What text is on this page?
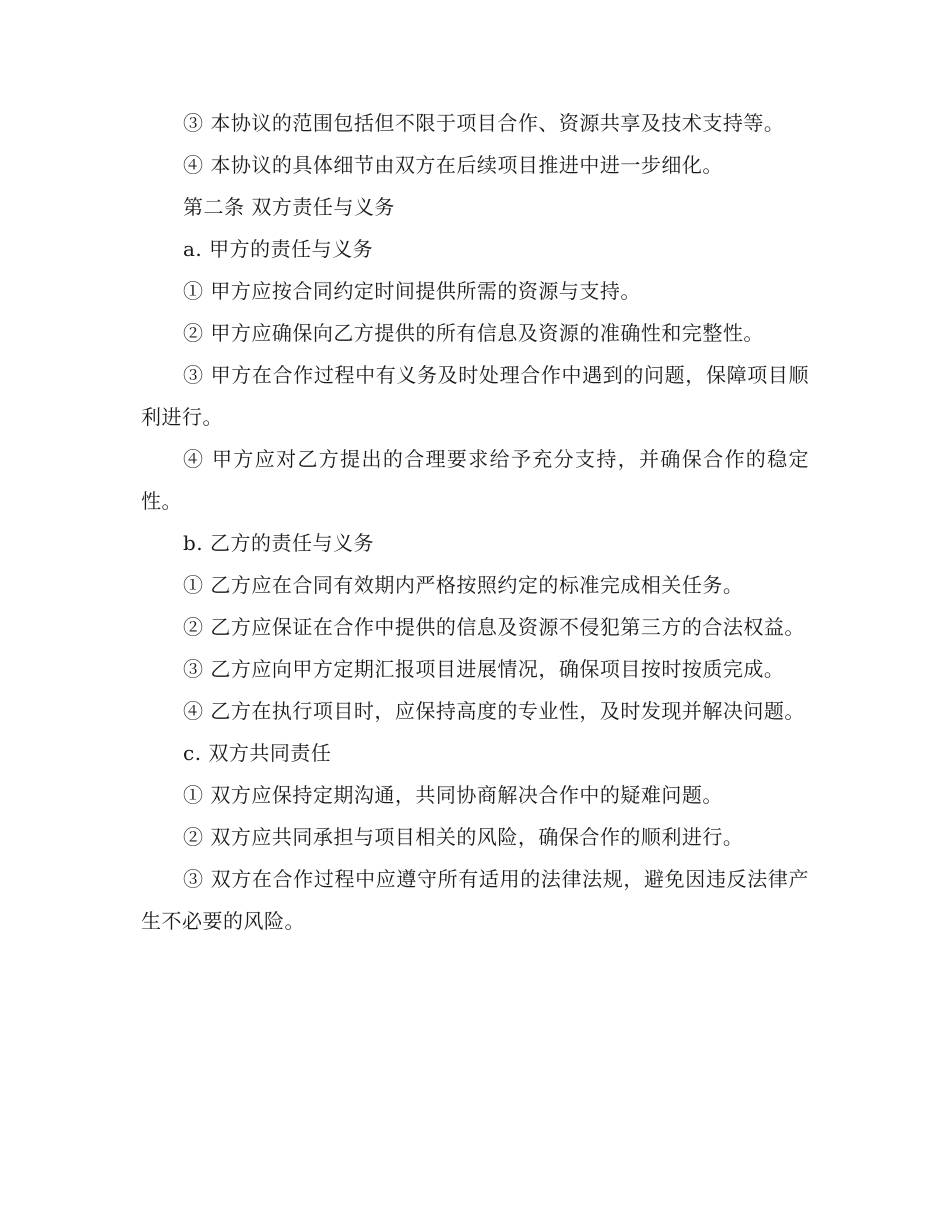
③ 本协议的范围包括但不限于项目合作、资源共享及技术支持等。

④ 本协议的具体细节由双方在后续项目推进中进一步细化。

第二条 双方责任与义务

a. 甲方的责任与义务

① 甲方应按合同约定时间提供所需的资源与支持。

② 甲方应确保向乙方提供的所有信息及资源的准确性和完整性。

③ 甲方在合作过程中有义务及时处理合作中遇到的问题，保障项目顺利进行。

④ 甲方应对乙方提出的合理要求给予充分支持，并确保合作的稳定性。

b. 乙方的责任与义务

① 乙方应在合同有效期内严格按照约定的标准完成相关任务。

② 乙方应保证在合作中提供的信息及资源不侵犯第三方的合法权益。

③ 乙方应向甲方定期汇报项目进展情况，确保项目按时按质完成。

④ 乙方在执行项目时，应保持高度的专业性，及时发现并解决问题。

c. 双方共同责任

① 双方应保持定期沟通，共同协商解决合作中的疑难问题。

② 双方应共同承担与项目相关的风险，确保合作的顺利进行。

③ 双方在合作过程中应遵守所有适用的法律法规，避免因违反法律产生不必要的风险。
